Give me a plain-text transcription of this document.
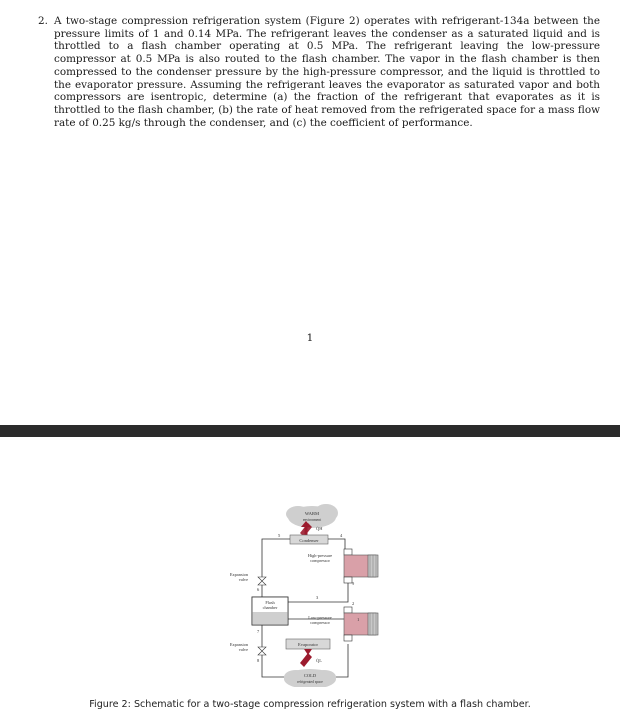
2. A two-stage compression refrigeration system (Figure 2) operates with refrigerant-134a between the pressure limits of 1 and 0.14 MPa. The refrigerant leaves the condenser as a saturated liquid and is throttled to a flash chamber operating at 0.5 MPa. The refrigerant leaving the low-pressure compressor at 0.5 MPa is also routed to the flash chamber. The vapor in the flash chamber is then compressed to the condenser pressure by the high-pressure compressor, and the liquid is throttled to the evaporator pressure. Assuming the refrigerant leaves the evaporator as saturated vapor and both compressors are isentropic, determine (a) the fraction of the refrigerant that evaporates as it is throttled to the flash chamber, (b) the rate of heat removed from the refrigerated space for a mass flow rate of 0.25 kg/s through the condenser, and (c) the coefficient of performance.
1
WARM
environment
Q̇H
Condenser
Flash
chamber
Expansion
valve
Expansion
valve
High-pressure
compressor
Low-pressure
compressor
Evaporator
Q̇L
COLD
refrigerated space
1
2
3
4
5
6
7
8
9
Figure 2: Schematic for a two-stage compression refrigeration system with a flash chamber.
